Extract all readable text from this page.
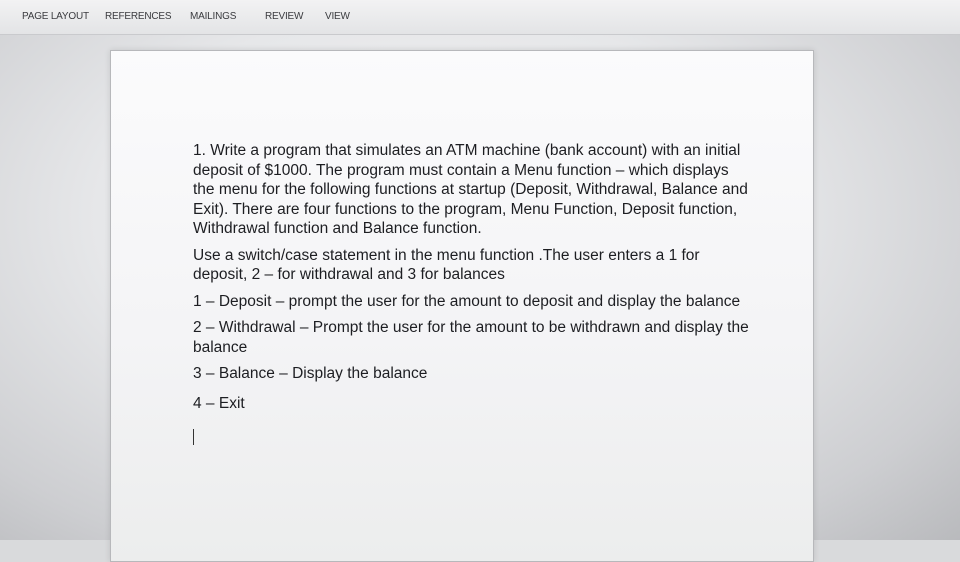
PAGE LAYOUT REFERENCES MAILINGS	REVIEW VIEW

1. Write a program that simulates an ATM machine (bank account) with an initial deposit of $1000. The program must contain a Menu function – which displays the menu for the following functions at startup (Deposit, Withdrawal, Balance and Exit). There are four functions to the program, Menu Function, Deposit function, Withdrawal function and Balance function.

Use a switch/case statement in the menu function .The user enters a 1 for deposit, 2 – for withdrawal and 3 for balances

1 – Deposit – prompt the user for the amount to deposit and display the balance

2 – Withdrawal – Prompt the user for the amount to be withdrawn and display the balance

3 – Balance – Display the balance

4 – Exit
